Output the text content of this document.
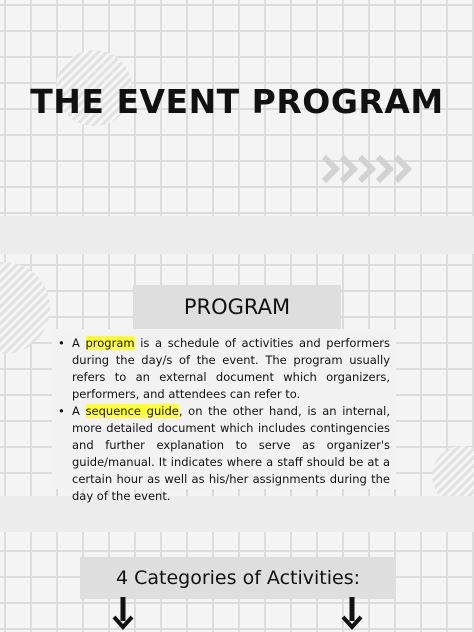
THE EVENT PROGRAM
PROGRAM
• A program is a schedule of activities and performers during the day/s of the event. The program usually refers to an external document which organizers, performers, and attendees can refer to.
• A sequence guide, on the other hand, is an internal, more detailed document which includes contingencies and further explanation to serve as organizer's guide/manual. It indicates where a staff should be at a certain hour as well as his/her assignments during the day of the event.
4 Categories of Activities:
